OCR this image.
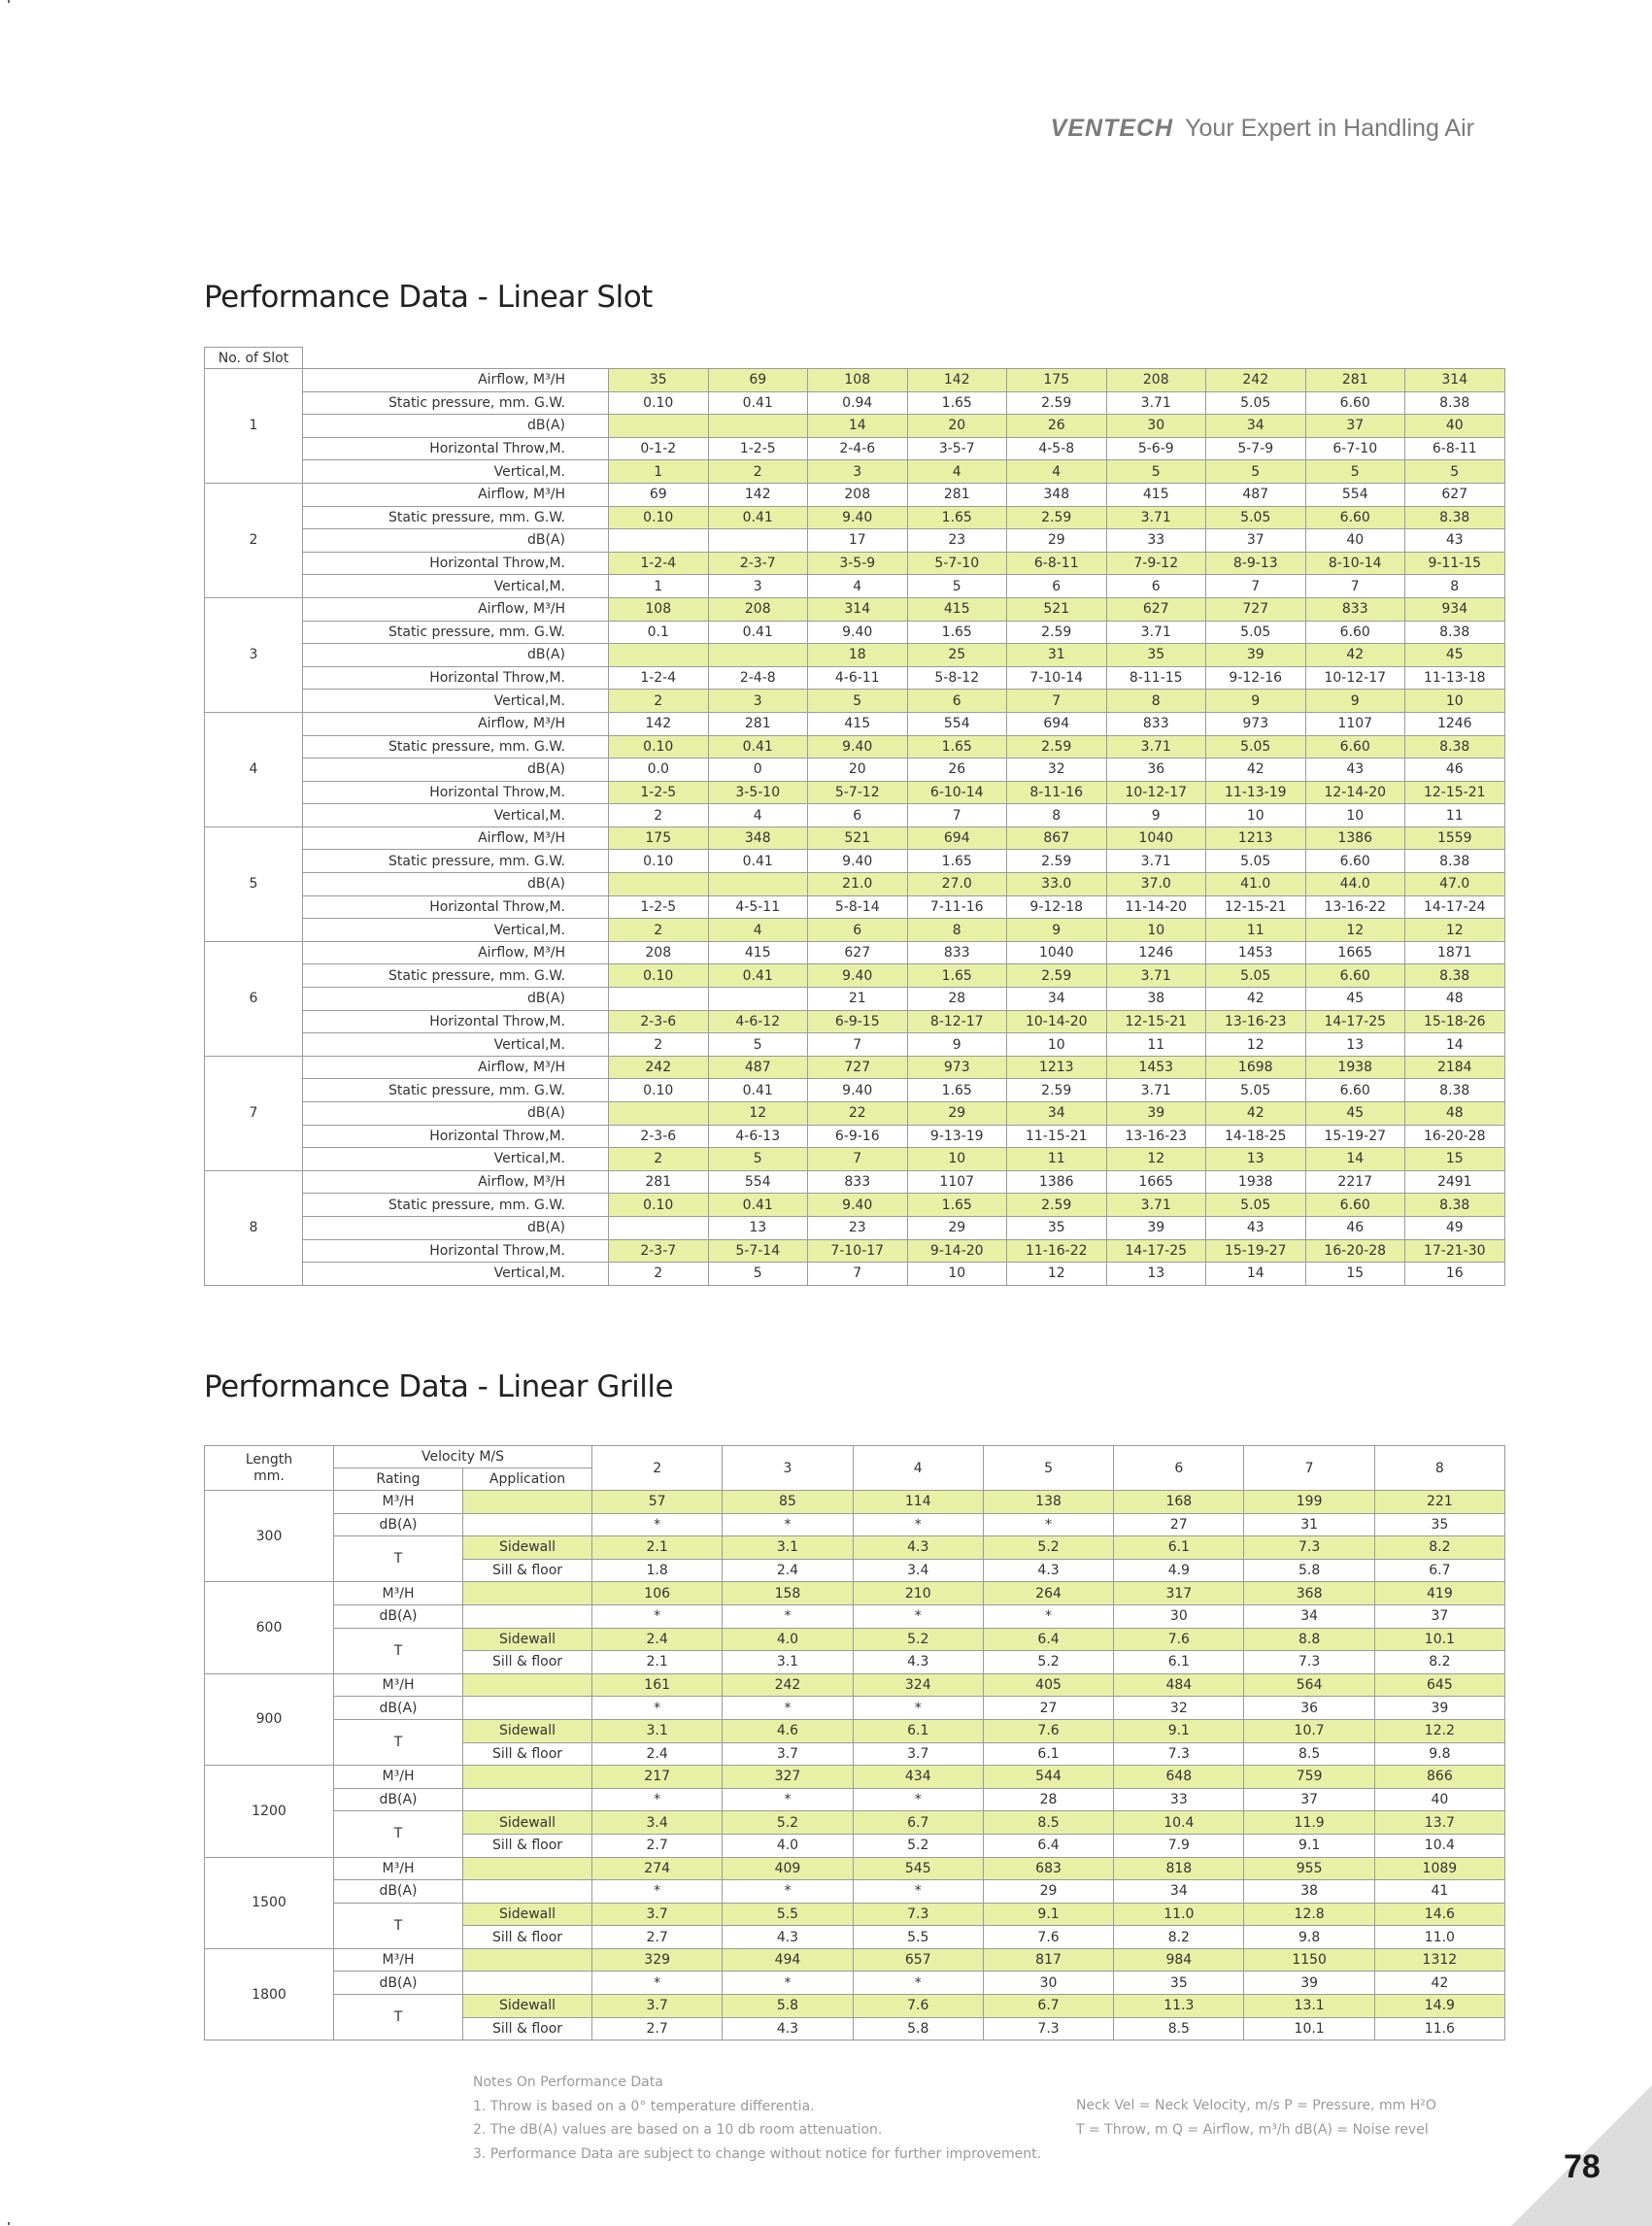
VENTECH Your Expert in Handling Air
Performance Data - Linear Slot
No. of Slot										
1	Airflow, M³/H	35	69	108	142	175	208	242	281	314
	Static pressure, mm. G.W.	0.10	0.41	0.94	1.65	2.59	3.71	5.05	6.60	8.38
	dB(A)			14	20	26	30	34	37	40
	Horizontal Throw,M.	0-1-2	1-2-5	2-4-6	3-5-7	4-5-8	5-6-9	5-7-9	6-7-10	6-8-11
	Vertical,M.	1	2	3	4	4	5	5	5	5
2	Airflow, M³/H	69	142	208	281	348	415	487	554	627
	Static pressure, mm. G.W.	0.10	0.41	9.40	1.65	2.59	3.71	5.05	6.60	8.38
	dB(A)			17	23	29	33	37	40	43
	Horizontal Throw,M.	1-2-4	2-3-7	3-5-9	5-7-10	6-8-11	7-9-12	8-9-13	8-10-14	9-11-15
	Vertical,M.	1	3	4	5	6	6	7	7	8
3	Airflow, M³/H	108	208	314	415	521	627	727	833	934
	Static pressure, mm. G.W.	0.1	0.41	9.40	1.65	2.59	3.71	5.05	6.60	8.38
	dB(A)			18	25	31	35	39	42	45
	Horizontal Throw,M.	1-2-4	2-4-8	4-6-11	5-8-12	7-10-14	8-11-15	9-12-16	10-12-17	11-13-18
	Vertical,M.	2	3	5	6	7	8	9	9	10
4	Airflow, M³/H	142	281	415	554	694	833	973	1107	1246
	Static pressure, mm. G.W.	0.10	0.41	9.40	1.65	2.59	3.71	5.05	6.60	8.38
	dB(A)	0.0	0	20	26	32	36	42	43	46
	Horizontal Throw,M.	1-2-5	3-5-10	5-7-12	6-10-14	8-11-16	10-12-17	11-13-19	12-14-20	12-15-21
	Vertical,M.	2	4	6	7	8	9	10	10	11
5	Airflow, M³/H	175	348	521	694	867	1040	1213	1386	1559
	Static pressure, mm. G.W.	0.10	0.41	9.40	1.65	2.59	3.71	5.05	6.60	8.38
	dB(A)			21.0	27.0	33.0	37.0	41.0	44.0	47.0
	Horizontal Throw,M.	1-2-5	4-5-11	5-8-14	7-11-16	9-12-18	11-14-20	12-15-21	13-16-22	14-17-24
	Vertical,M.	2	4	6	8	9	10	11	12	12
6	Airflow, M³/H	208	415	627	833	1040	1246	1453	1665	1871
	Static pressure, mm. G.W.	0.10	0.41	9.40	1.65	2.59	3.71	5.05	6.60	8.38
	dB(A)			21	28	34	38	42	45	48
	Horizontal Throw,M.	2-3-6	4-6-12	6-9-15	8-12-17	10-14-20	12-15-21	13-16-23	14-17-25	15-18-26
	Vertical,M.	2	5	7	9	10	11	12	13	14
7	Airflow, M³/H	242	487	727	973	1213	1453	1698	1938	2184
	Static pressure, mm. G.W.	0.10	0.41	9.40	1.65	2.59	3.71	5.05	6.60	8.38
	dB(A)		12	22	29	34	39	42	45	48
	Horizontal Throw,M.	2-3-6	4-6-13	6-9-16	9-13-19	11-15-21	13-16-23	14-18-25	15-19-27	16-20-28
	Vertical,M.	2	5	7	10	11	12	13	14	15
8	Airflow, M³/H	281	554	833	1107	1386	1665	1938	2217	2491
	Static pressure, mm. G.W.	0.10	0.41	9.40	1.65	2.59	3.71	5.05	6.60	8.38
	dB(A)		13	23	29	35	39	43	46	49
	Horizontal Throw,M.	2-3-7	5-7-14	7-10-17	9-14-20	11-16-22	14-17-25	15-19-27	16-20-28	17-21-30
	Vertical,M.	2	5	7	10	12	13	14	15	16
Performance Data - Linear Grille
Length mm.	Velocity M/S		2	3	4	5	6	7	8
	Rating	Application							
300	M³/H		57	85	114	138	168	199	221
	dB(A)		*	*	*	*	27	31	35
	T	Sidewall	2.1	3.1	4.3	5.2	6.1	7.3	8.2
		Sill & floor	1.8	2.4	3.4	4.3	4.9	5.8	6.7
600	M³/H		106	158	210	264	317	368	419
	dB(A)		*	*	*	*	30	34	37
	T	Sidewall	2.4	4.0	5.2	6.4	7.6	8.8	10.1
		Sill & floor	2.1	3.1	4.3	5.2	6.1	7.3	8.2
900	M³/H		161	242	324	405	484	564	645
	dB(A)		*	*	*	27	32	36	39
	T	Sidewall	3.1	4.6	6.1	7.6	9.1	10.7	12.2
		Sill & floor	2.4	3.7	3.7	6.1	7.3	8.5	9.8
1200	M³/H		217	327	434	544	648	759	866
	dB(A)		*	*	*	28	33	37	40
	T	Sidewall	3.4	5.2	6.7	8.5	10.4	11.9	13.7
		Sill & floor	2.7	4.0	5.2	6.4	7.9	9.1	10.4
1500	M³/H		274	409	545	683	818	955	1089
	dB(A)		*	*	*	29	34	38	41
	T	Sidewall	3.7	5.5	7.3	9.1	11.0	12.8	14.6
		Sill & floor	2.7	4.3	5.5	7.6	8.2	9.8	11.0
1800	M³/H		329	494	657	817	984	1150	1312
	dB(A)		*	*	*	30	35	39	42
	T	Sidewall	3.7	5.8	7.6	6.7	11.3	13.1	14.9
		Sill & floor	2.7	4.3	5.8	7.3	8.5	10.1	11.6
Notes On Performance Data
1. Throw is based on a 0° temperature differentia.
2. The dB(A) values are based on a 10 db room attenuation.
3. Performance Data are subject to change without notice for further improvement.
Neck Vel = Neck Velocity, m/s P = Pressure, mm H²O
T = Throw, m Q = Airflow, m³/h dB(A) = Noise revel
78
